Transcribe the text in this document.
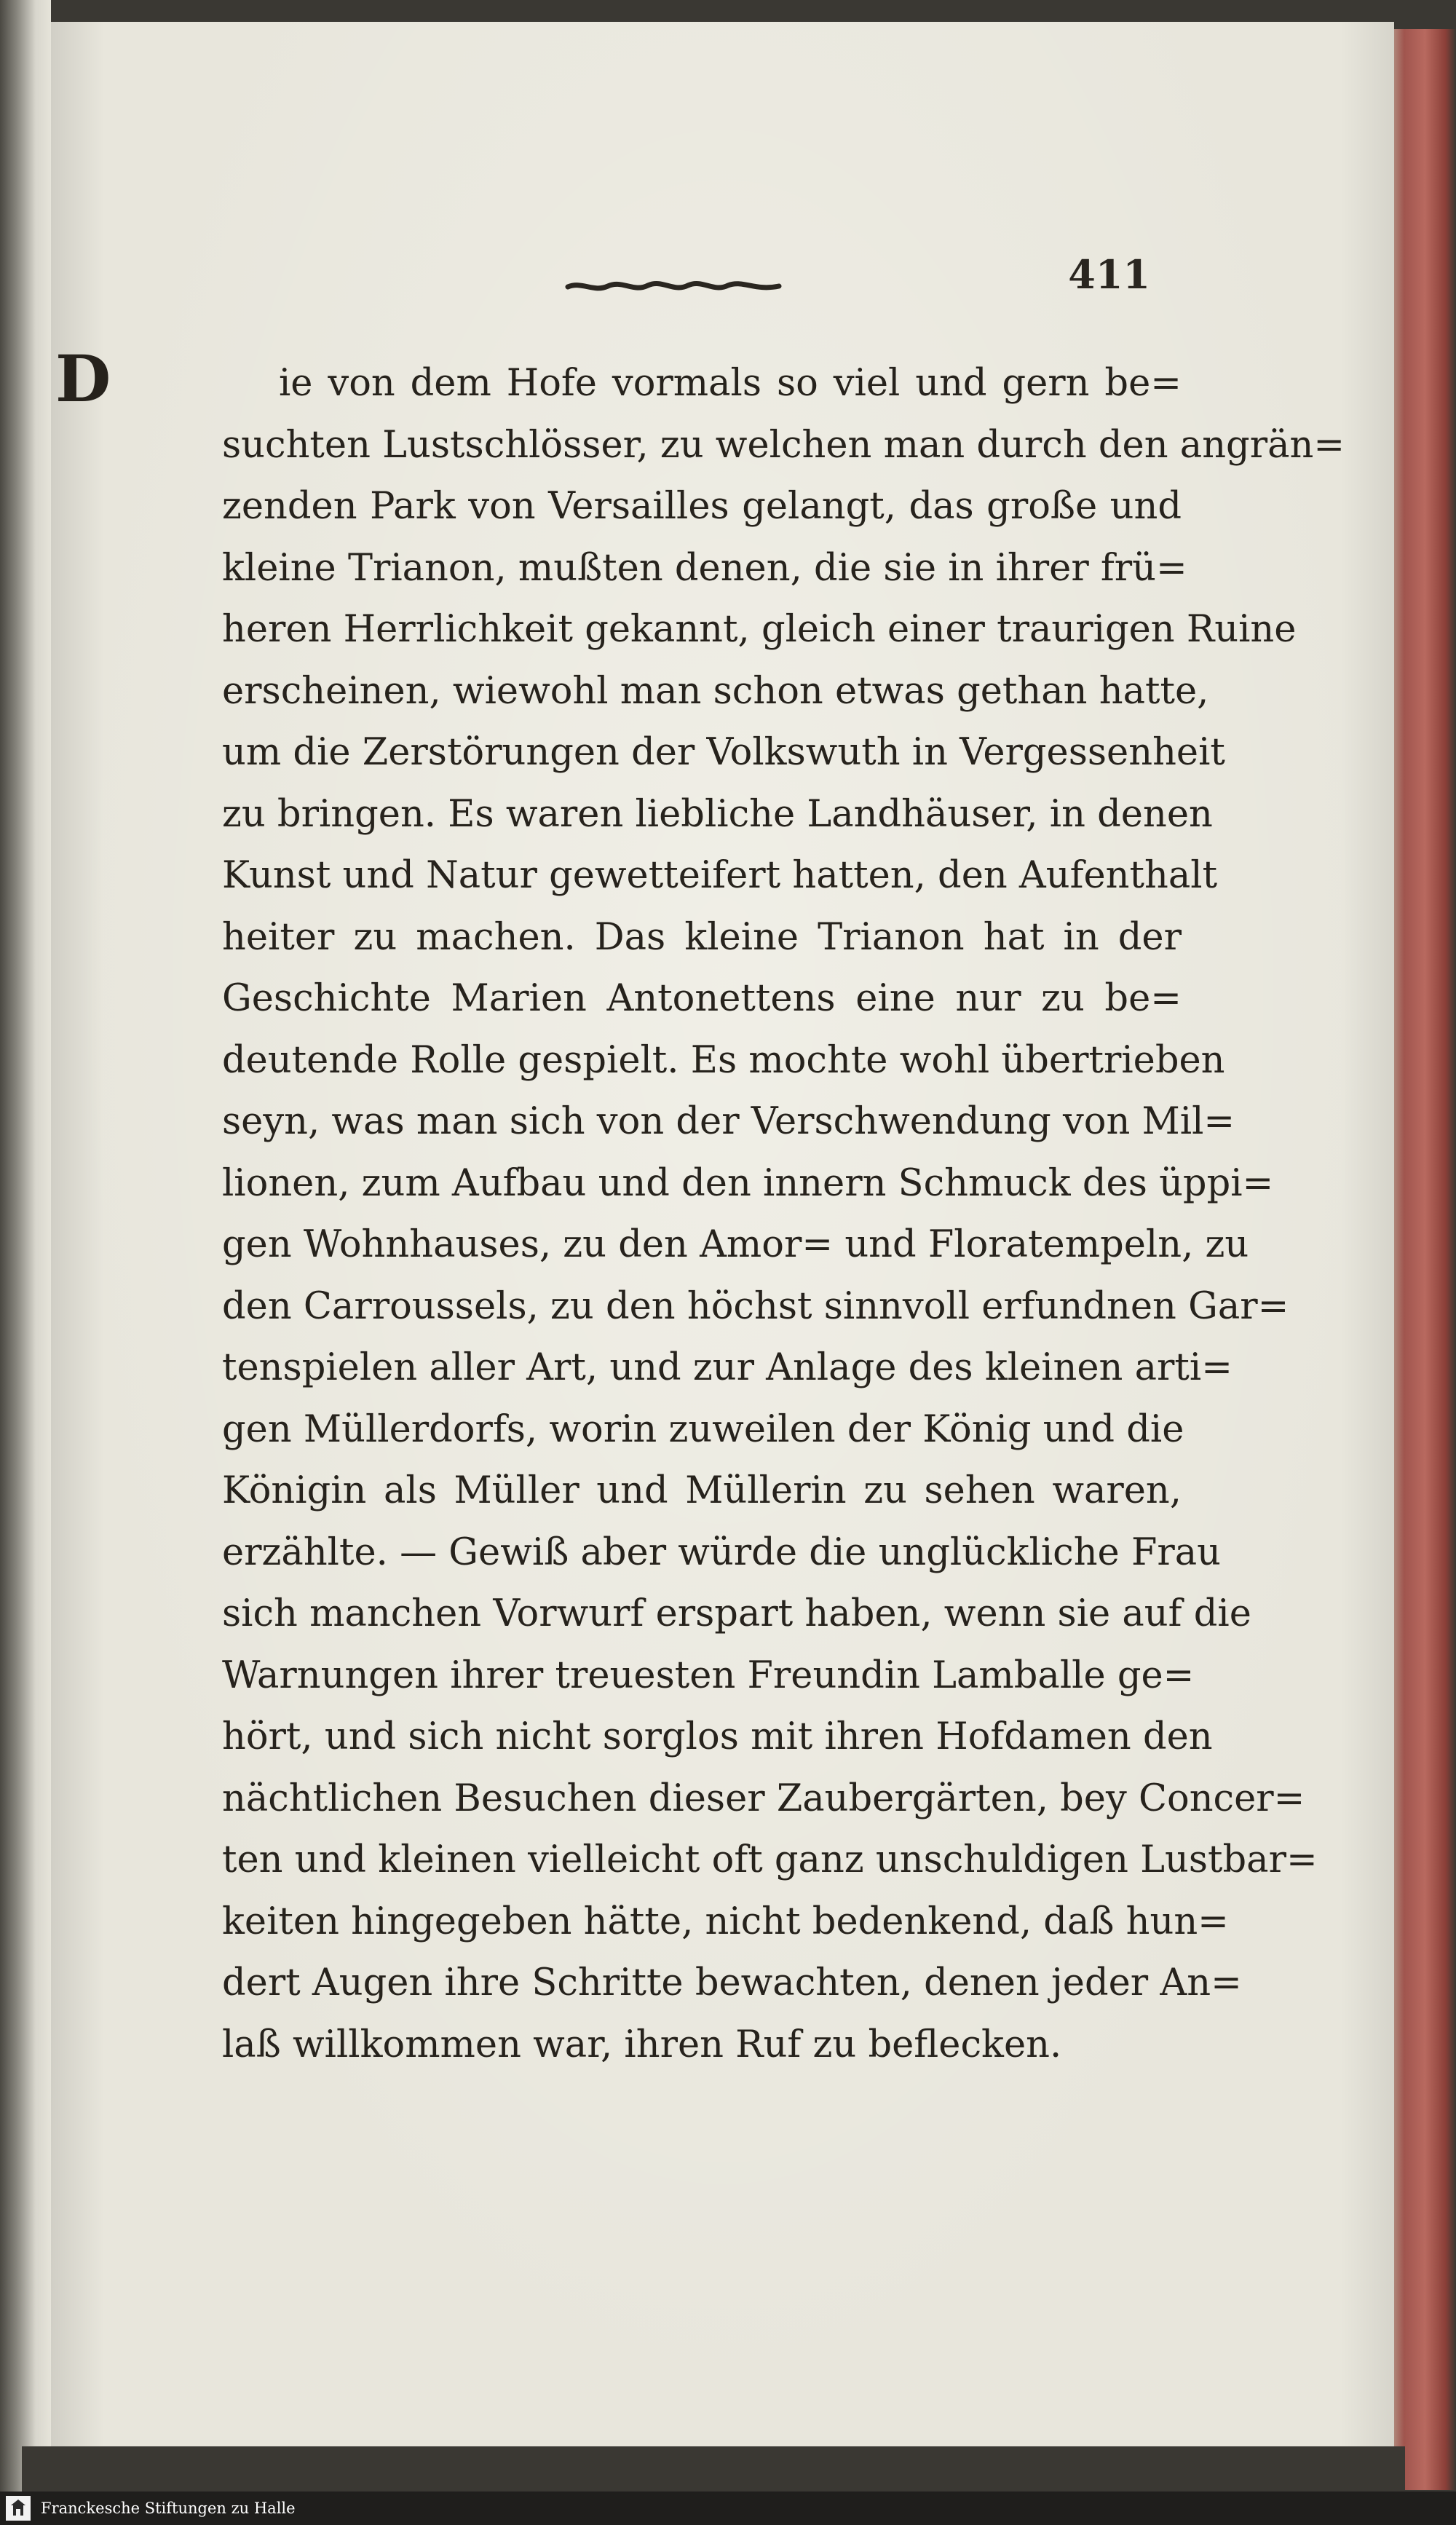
411
D	ie von dem Hofe vormals so viel und gern be=
suchten Lustschlösser, zu welchen man durch den angrän=
zenden Park von Versailles gelangt, das große und
kleine Trianon, mußten denen, die sie in ihrer frü=
heren Herrlichkeit gekannt, gleich einer traurigen Ruine
erscheinen, wiewohl man schon etwas gethan hatte,
um die Zerstörungen der Volkswuth in Vergessenheit
zu bringen. Es waren liebliche Landhäuser, in denen
Kunst und Natur gewetteifert hatten, den Aufenthalt
heiter zu machen. Das kleine Trianon hat in der
Geschichte Marien Antonettens eine nur zu be=
deutende Rolle gespielt. Es mochte wohl übertrieben
seyn, was man sich von der Verschwendung von Mil=
lionen, zum Aufbau und den innern Schmuck des üppi=
gen Wohnhauses, zu den Amor= und Floratempeln, zu
den Carroussels, zu den höchst sinnvoll erfundnen Gar=
tenspielen aller Art, und zur Anlage des kleinen arti=
gen Müllerdorfs, worin zuweilen der König und die
Königin als Müller und Müllerin zu sehen waren,
erzählte. — Gewiß aber würde die unglückliche Frau
sich manchen Vorwurf erspart haben, wenn sie auf die
Warnungen ihrer treuesten Freundin Lamballe ge=
hört, und sich nicht sorglos mit ihren Hofdamen den
nächtlichen Besuchen dieser Zaubergärten, bey Concer=
ten und kleinen vielleicht oft ganz unschuldigen Lustbar=
keiten hingegeben hätte, nicht bedenkend, daß hun=
dert Augen ihre Schritte bewachten, denen jeder An=
laß willkommen war, ihren Ruf zu beflecken.
Franckesche Stiftungen zu Halle
